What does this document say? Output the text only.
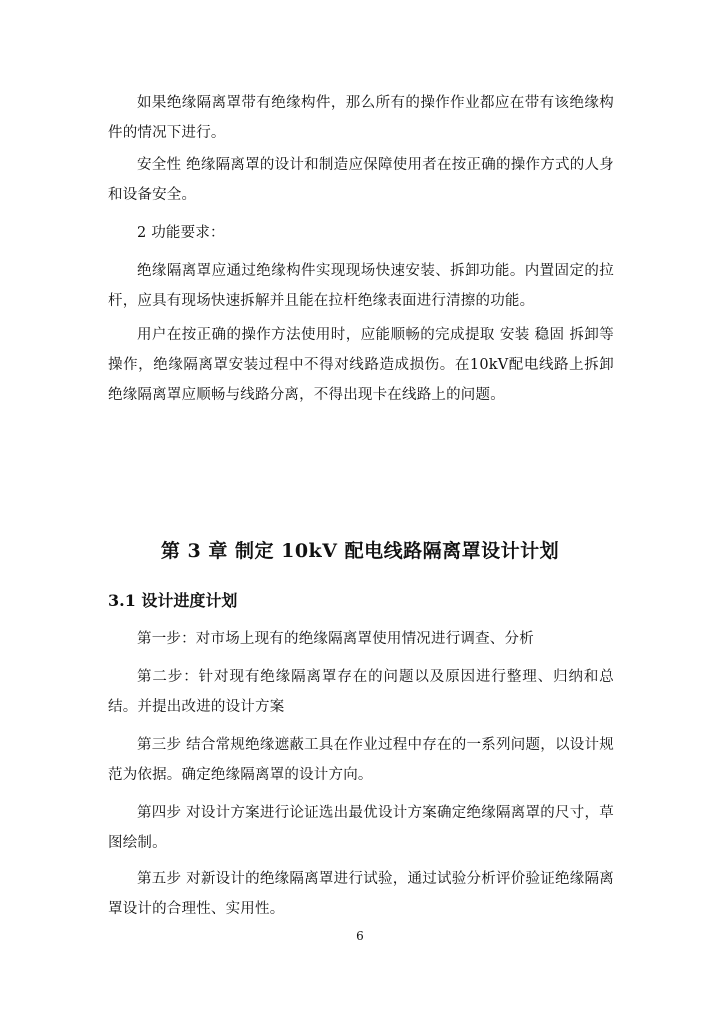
如果绝缘隔离罩带有绝缘构件，那么所有的操作作业都应在带有该绝缘构件的情况下进行。

安全性 绝缘隔离罩的设计和制造应保障使用者在按正确的操作方式的人身和设备安全。

2 功能要求：

绝缘隔离罩应通过绝缘构件实现现场快速安装、拆卸功能。内置固定的拉杆，应具有现场快速拆解并且能在拉杆绝缘表面进行清擦的功能。

用户在按正确的操作方法使用时，应能顺畅的完成提取 安装 稳固 拆卸等操作，绝缘隔离罩安装过程中不得对线路造成损伤。在10kV配电线路上拆卸绝缘隔离罩应顺畅与线路分离，不得出现卡在线路上的问题。

第 3 章 制定 10kV 配电线路隔离罩设计计划
3.1 设计进度计划

第一步：对市场上现有的绝缘隔离罩使用情况进行调查、分析

第二步：针对现有绝缘隔离罩存在的问题以及原因进行整理、归纳和总结。并提出改进的设计方案

第三步 结合常规绝缘遮蔽工具在作业过程中存在的一系列问题，以设计规范为依据。确定绝缘隔离罩的设计方向。

第四步 对设计方案进行论证选出最优设计方案确定绝缘隔离罩的尺寸，草图绘制。

第五步 对新设计的绝缘隔离罩进行试验，通过试验分析评价验证绝缘隔离罩设计的合理性、实用性。

6
